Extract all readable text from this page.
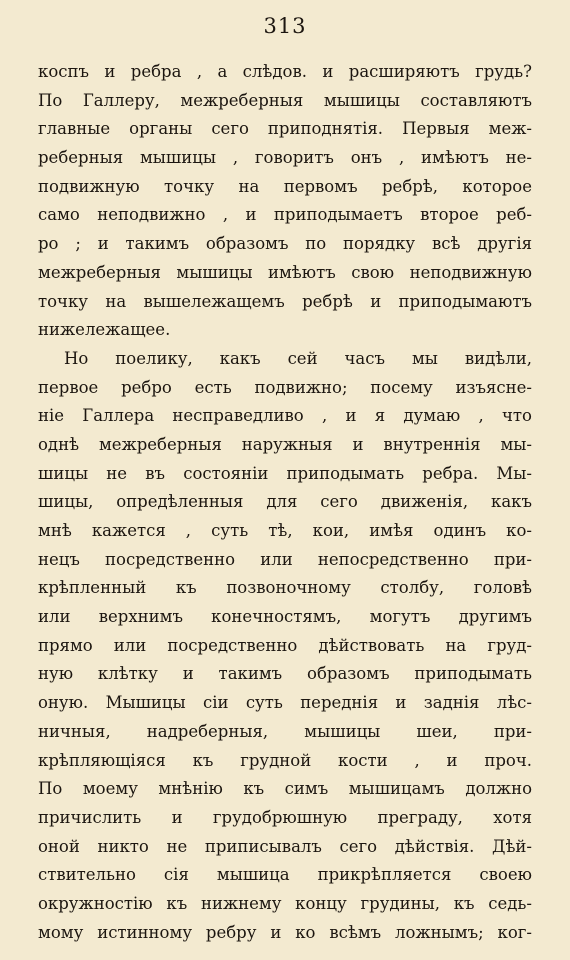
313
коспъ и ребра , а слѣдов. и расширяютъ грудь?
По Галлеру, межреберныя мышицы составляютъ
главные органы сего приподнятія. Первыя меж-
реберныя мышицы , говоритъ онъ , имѣютъ не-
подвижную точку на первомъ ребрѣ, которое
само неподвижно , и приподымаетъ второе реб-
ро ; и такимъ образомъ по порядку всѣ другія
межреберныя мышицы имѣютъ свою неподвижную
точку на вышележащемъ ребрѣ и приподымаютъ
нижележащее.
Но поелику, какъ сей часъ мы видѣли,
первое ребро есть подвижно; посему изъясне-
ніе Галлера несправедливо , и я думаю , что
однѣ межреберныя наружныя и внутреннія мы-
шицы не въ состояніи приподымать ребра. Мы-
шицы, опредѣленныя для сего движенія, какъ
мнѣ кажется , суть тѣ, кои, имѣя одинъ ко-
нецъ посредственно или непосредственно при-
крѣпленный къ позвоночному столбу, головѣ
или верхнимъ конечностямъ, могутъ другимъ
прямо или посредственно дѣйствовать на груд-
ную клѣтку и такимъ образомъ приподымать
оную. Мышицы сіи суть переднія и заднія лѣс-
ничныя, надреберныя, мышицы шеи, при-
крѣпляющіяся къ грудной кости , и проч.
По моему мнѣнію къ симъ мышицамъ должно
причислить и грудобрюшную преграду, хотя
оной никто не приписывалъ сего дѣйствія. Дѣй-
ствительно сія мышица прикрѣпляется своею
окружностію къ нижнему концу грудины, къ седь-
мому истинному ребру и ко всѣмъ ложнымъ; ког-
